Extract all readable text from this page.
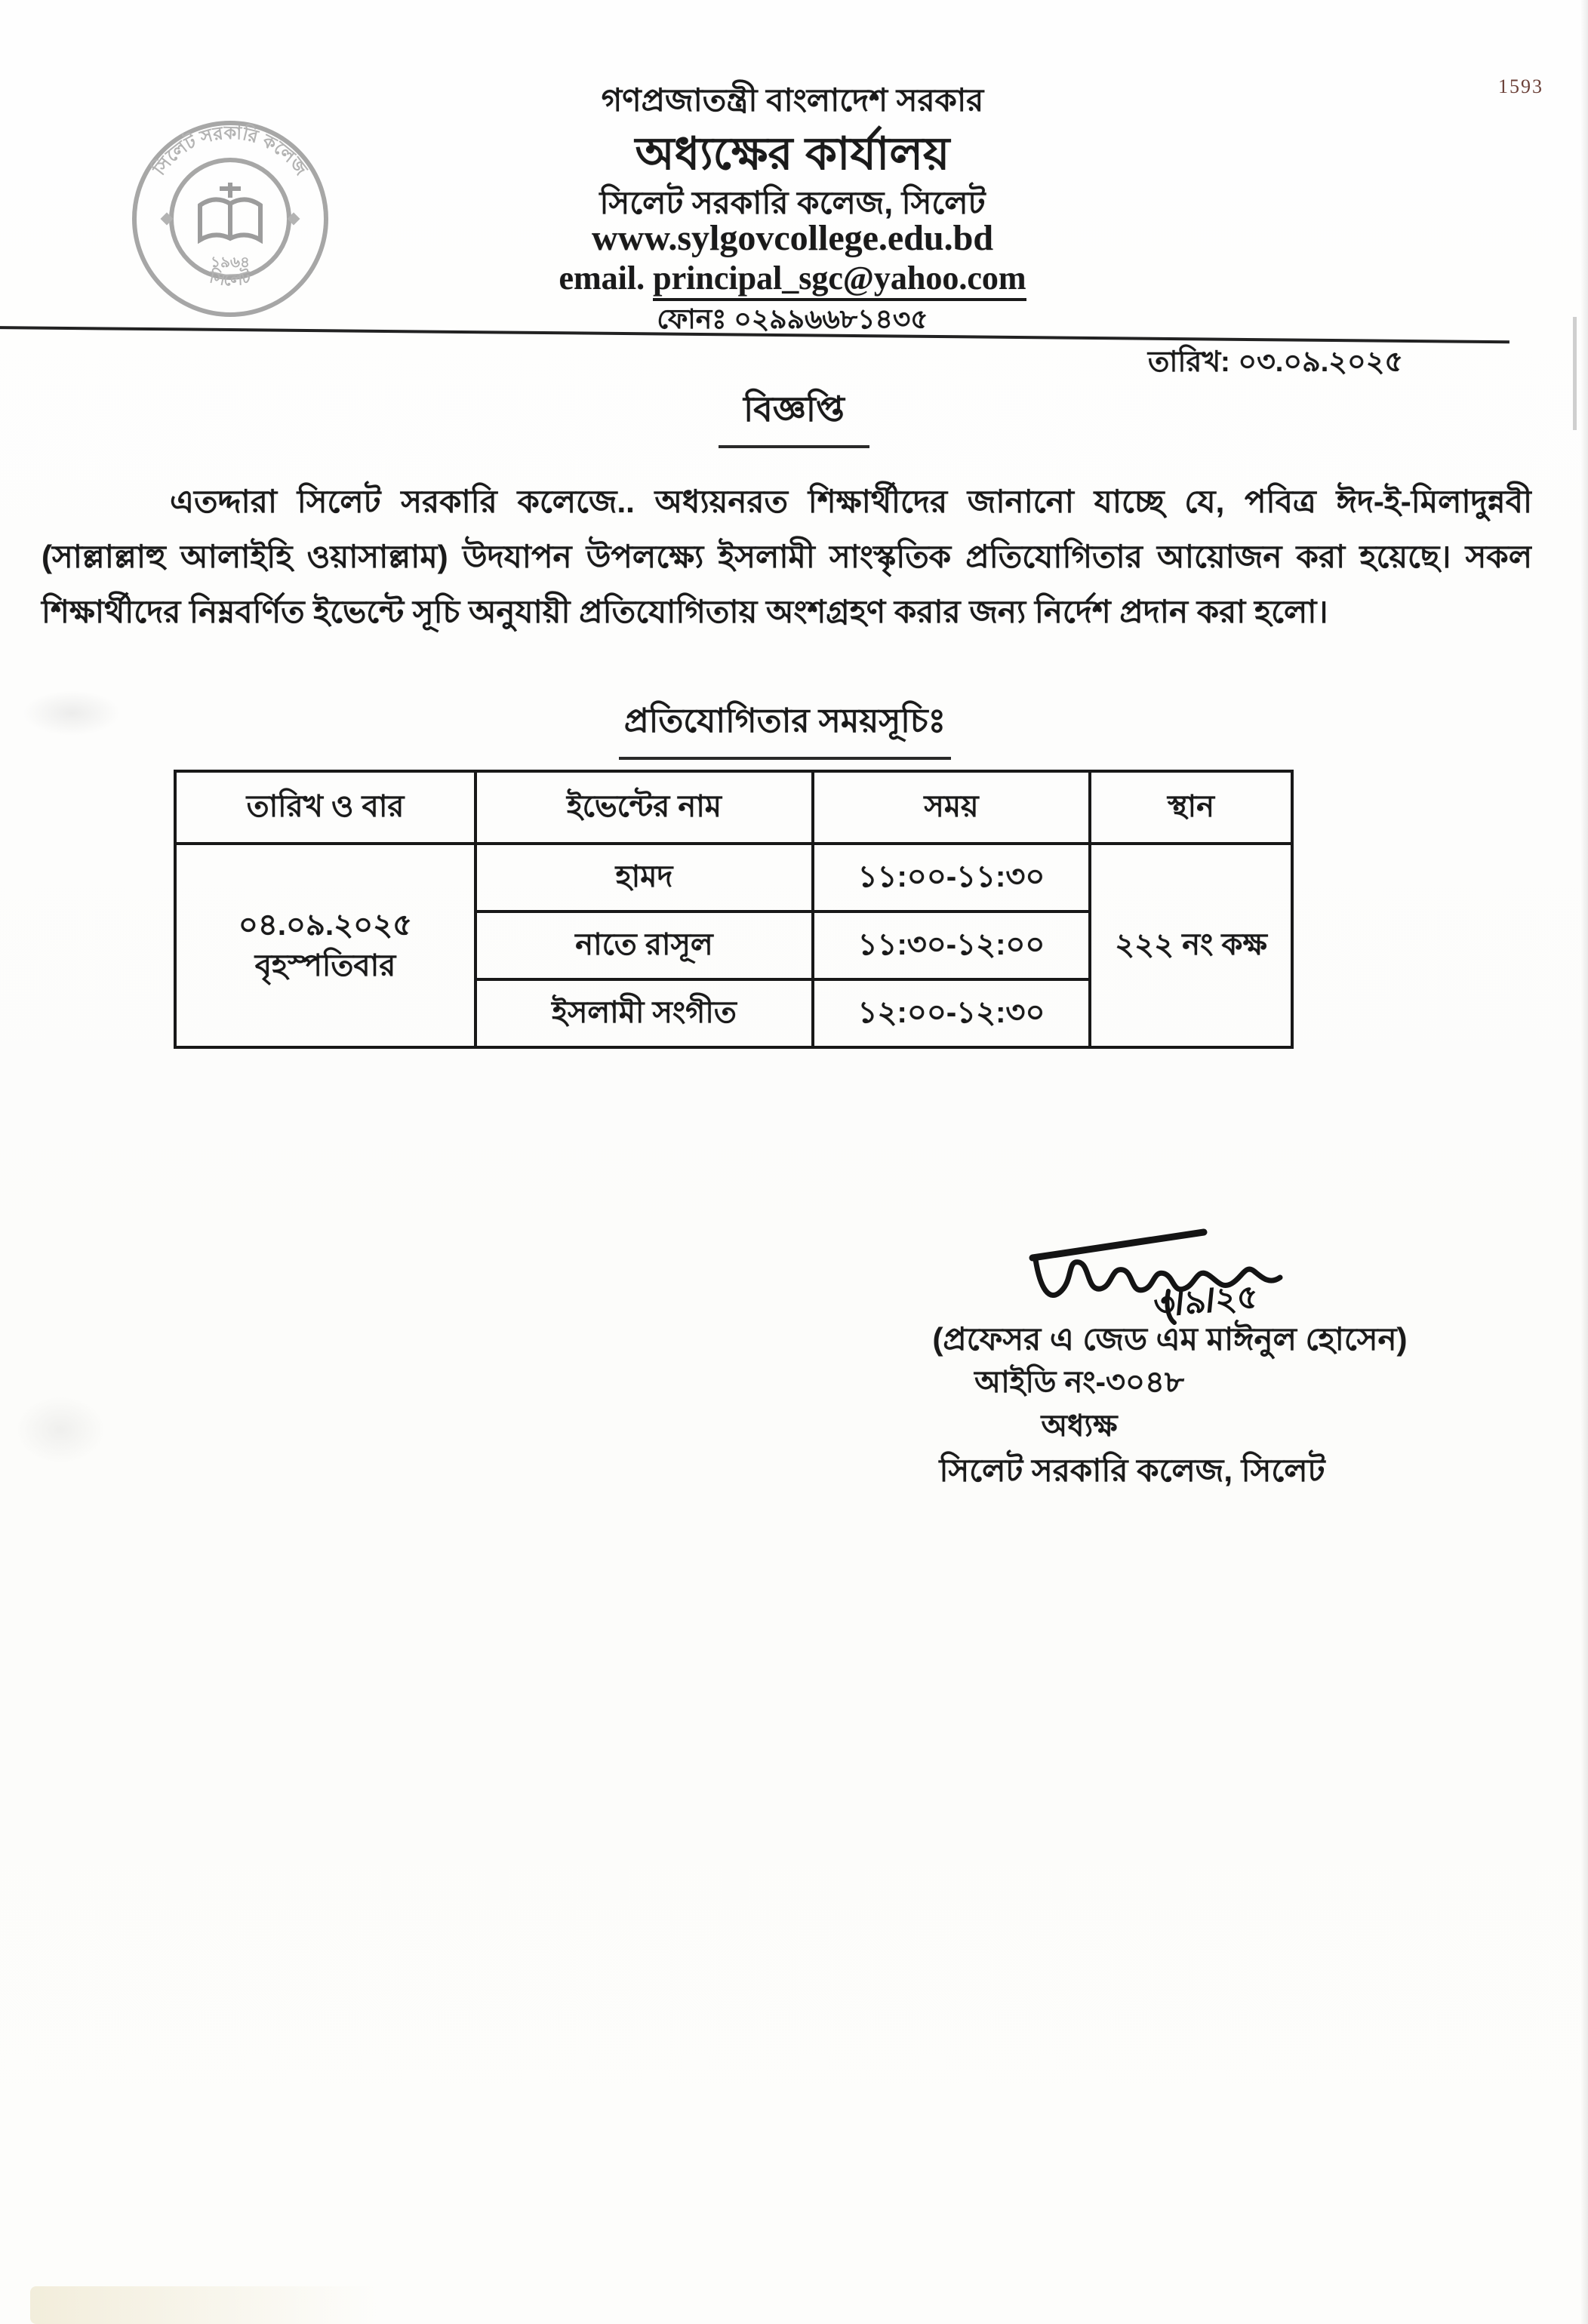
1593
সিলেট সরকারি কলেজ
সিলেট
১৯৬৪
গণপ্রজাতন্ত্রী বাংলাদেশ সরকার
অধ্যক্ষের কার্যালয়
সিলেট সরকারি কলেজ, সিলেট
www.sylgovcollege.edu.bd
email. principal_sgc@yahoo.com
ফোনঃ ০২৯৯৬৬৮১৪৩৫
তারিখ: ০৩.০৯.২০২৫
বিজ্ঞপ্তি
এতদ্দারা সিলেট সরকারি কলেজে.. অধ্যয়নরত শিক্ষার্থীদের জানানো যাচ্ছে যে, পবিত্র ঈদ-ই-মিলাদুন্নবী
(সাল্লাল্লাহু আলাইহি ওয়াসাল্লাম) উদযাপন উপলক্ষ্যে ইসলামী সাংস্কৃতিক প্রতিযোগিতার আয়োজন করা হয়েছে। সকল
শিক্ষার্থীদের নিম্নবর্ণিত ইভেন্টে সূচি অনুযায়ী প্রতিযোগিতায় অংশগ্রহণ করার জন্য নির্দেশ প্রদান করা হলো।
প্রতিযোগিতার সময়সূচিঃ
তারিখ ও বার	ইভেন্টের নাম	সময়	স্থান

০৪.০৯.২০২৫
বৃহস্পতিবার	হামদ	১১:০০-১১:৩০	২২২ নং কক্ষ
	নাতে রাসূল	১১:৩০-১২:০০	
	ইসলামী সংগীত	১২:০০-১২:৩০	
৩/৯/২৫
(প্রফেসর এ জেড এম মাঈনুল হোসেন)
আইডি নং-৩০৪৮
অধ্যক্ষ
সিলেট সরকারি কলেজ, সিলেট
